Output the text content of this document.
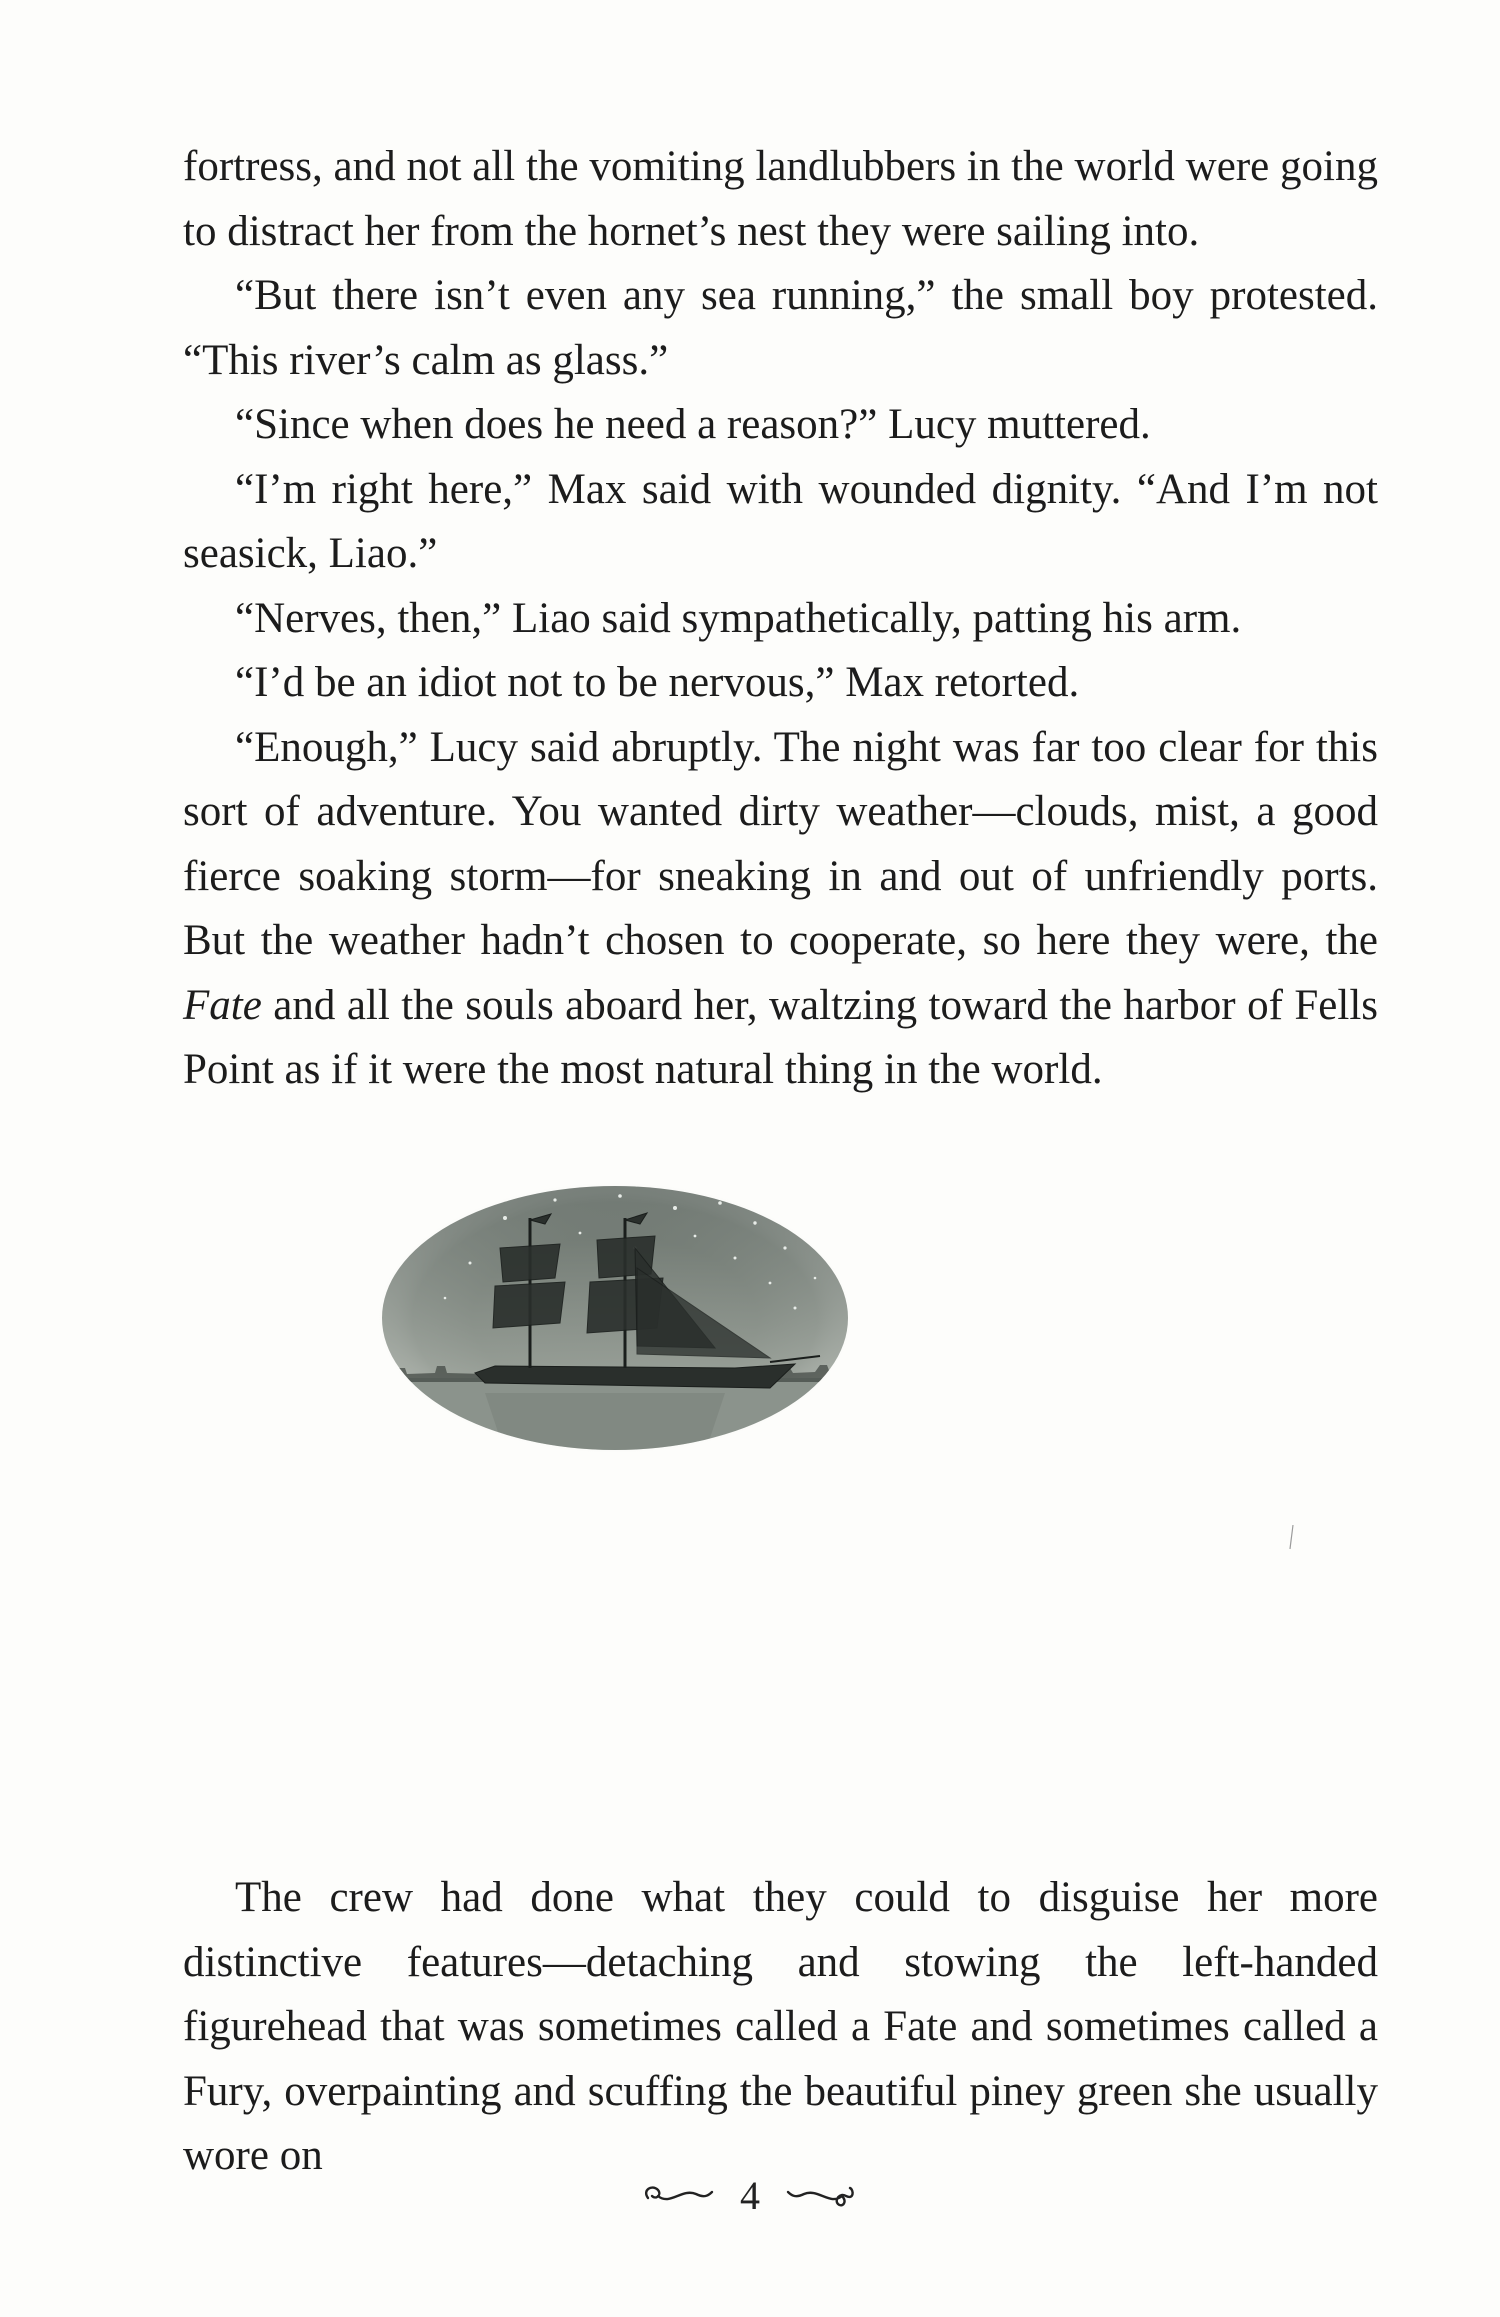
fortress, and not all the vomiting landlubbers in the world were going to distract her from the hornet’s nest they were sailing into.

“But there isn’t even any sea running,” the small boy protested. “This river’s calm as glass.”

“Since when does he need a reason?” Lucy muttered.

“I’m right here,” Max said with wounded dignity. “And I’m not seasick, Liao.”

“Nerves, then,” Liao said sympathetically, patting his arm.

“I’d be an idiot not to be nervous,” Max retorted.

“Enough,” Lucy said abruptly. The night was far too clear for this sort of adventure. You wanted dirty weather—clouds, mist, a good fierce soaking storm—for sneaking in and out of unfriendly ports. But the weather hadn’t chosen to cooperate, so here they were, the Fate and all the souls aboard her, waltzing toward the harbor of Fells Point as if it were the most natural thing in the world.

The crew had done what they could to disguise her more distinctive features—detaching and stowing the left-handed figurehead that was sometimes called a Fate and sometimes called a Fury, overpainting and scuffing the beautiful piney green she usually wore on

4
